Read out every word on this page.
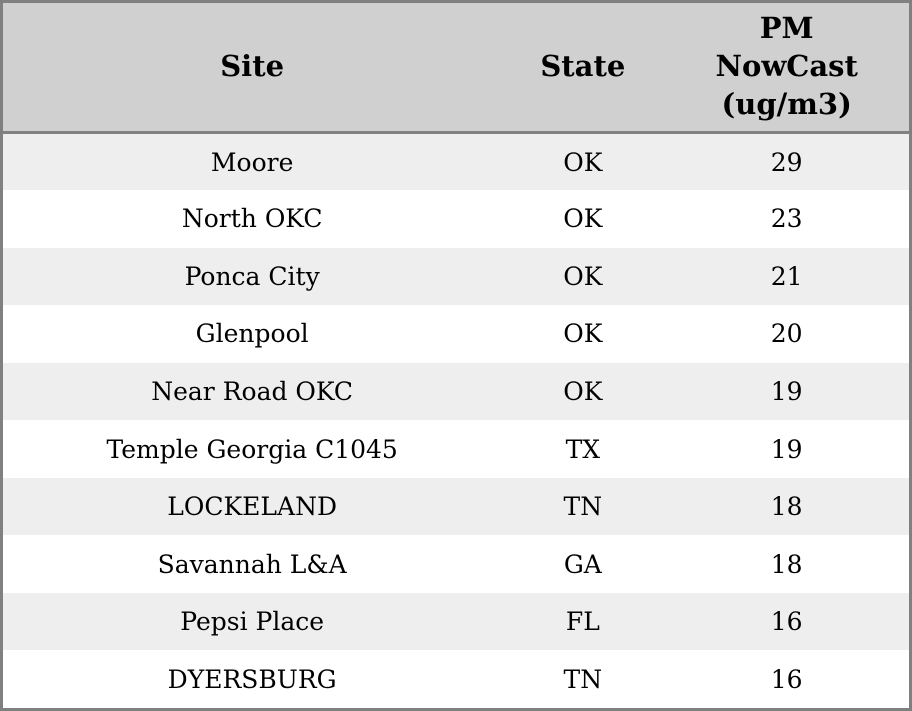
Site	State	PM NowCast (ug/m3)
Moore	OK	29
North OKC	OK	23
Ponca City	OK	21
Glenpool	OK	20
Near Road OKC	OK	19
Temple Georgia C1045	TX	19
LOCKELAND	TN	18
Savannah L&A	GA	18
Pepsi Place	FL	16
DYERSBURG	TN	16
